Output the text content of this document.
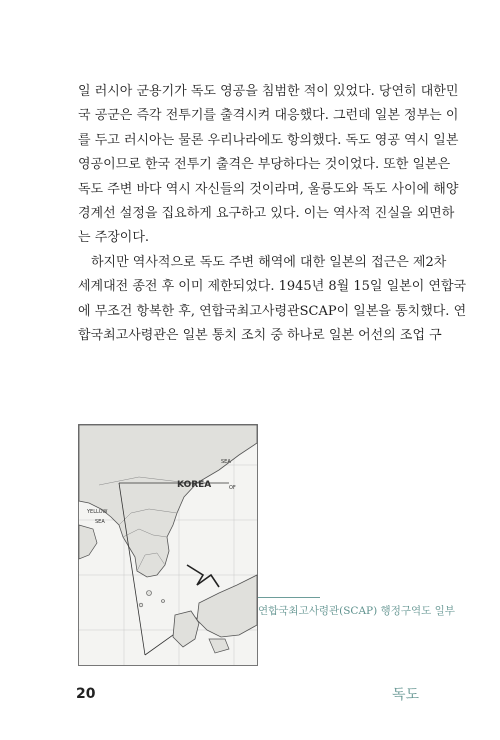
일 러시아 군용기가 독도 영공을 침범한 적이 있었다. 당연히 대한민
국 공군은 즉각 전투기를 출격시켜 대응했다. 그런데 일본 정부는 이
를 두고 러시아는 물론 우리나라에도 항의했다. 독도 영공 역시 일본
영공이므로 한국 전투기 출격은 부당하다는 것이었다. 또한 일본은
독도 주변 바다 역시 자신들의 것이라며, 울릉도와 독도 사이에 해양
경계선 설정을 집요하게 요구하고 있다. 이는 역사적 진실을 외면하
는 주장이다.
하지만 역사적으로 독도 주변 해역에 대한 일본의 접근은 제2차
세계대전 종전 후 이미 제한되었다. 1945년 8월 15일 일본이 연합국
에 무조건 항복한 후, 연합국최고사령관SCAP이 일본을 통치했다. 연
합국최고사령관은 일본 통치 조치 중 하나로 일본 어선의 조업 구
KOREA
SEA
OF
YELLOW
SEA
연합국최고사령관(SCAP) 행정구역도 일부
20	독도
